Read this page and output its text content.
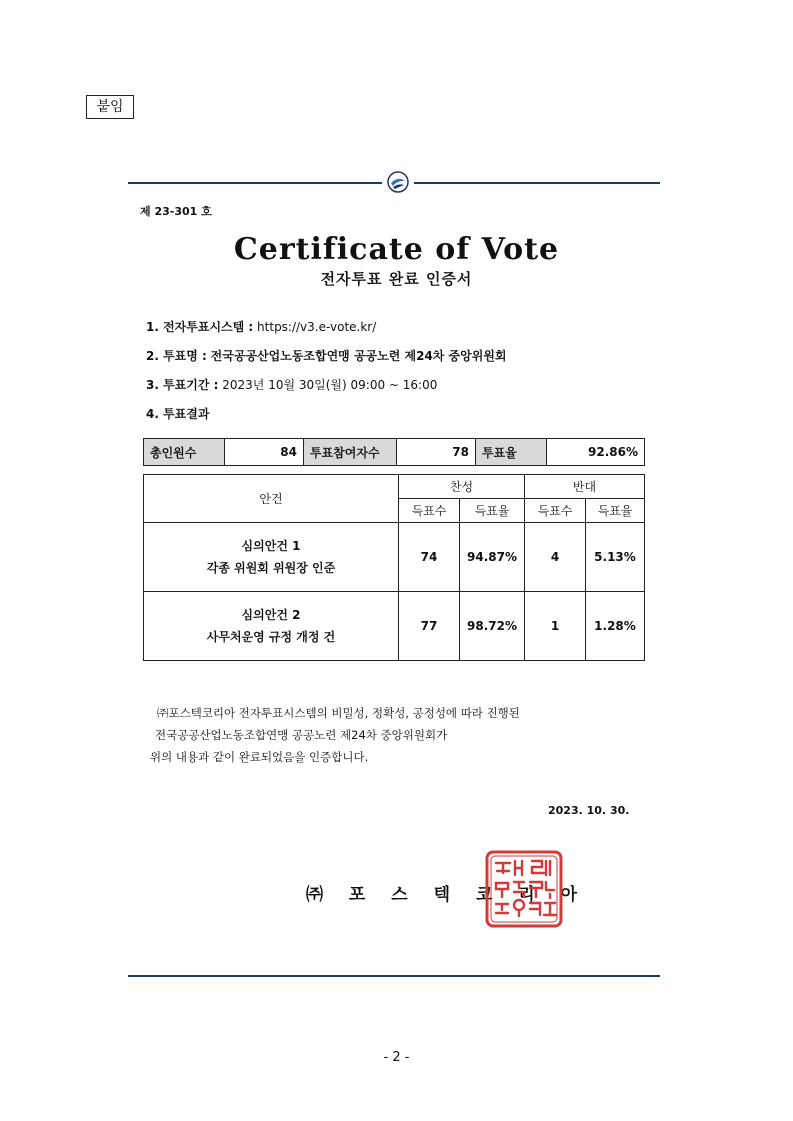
붙임
제 23-301 호
Certificate of Vote
전자투표 완료 인증서
1. 전자투표시스템 : https://v3.e-vote.kr/
2. 투표명 : 전국공공산업노동조합연맹 공공노련 제24차 중앙위원회
3. 투표기간 : 2023년 10월 30일(월) 09:00 ~ 16:00
4. 투표결과
총인원수	84	투표참여자수	78	투표율	92.86%
안건	찬성		반대	
	득표수	득표율	득표수	득표율

심의안건 1
각종 위원회 위원장 인준	74	94.87%	4	5.13%

심의안건 2
사무처운영 규정 개정 건	77	98.72%	1	1.28%
㈜포스텍코리아 전자투표시스템의 비밀성, 정확성, 공정성에 따라 진행된
전국공공산업노동조합연맹 공공노련 제24차 중앙위원회가
위의 내용과 같이 완료되었음을 인증합니다.
2023. 10. 30.
㈜ 포 스 텍 코 리 아
- 2 -
